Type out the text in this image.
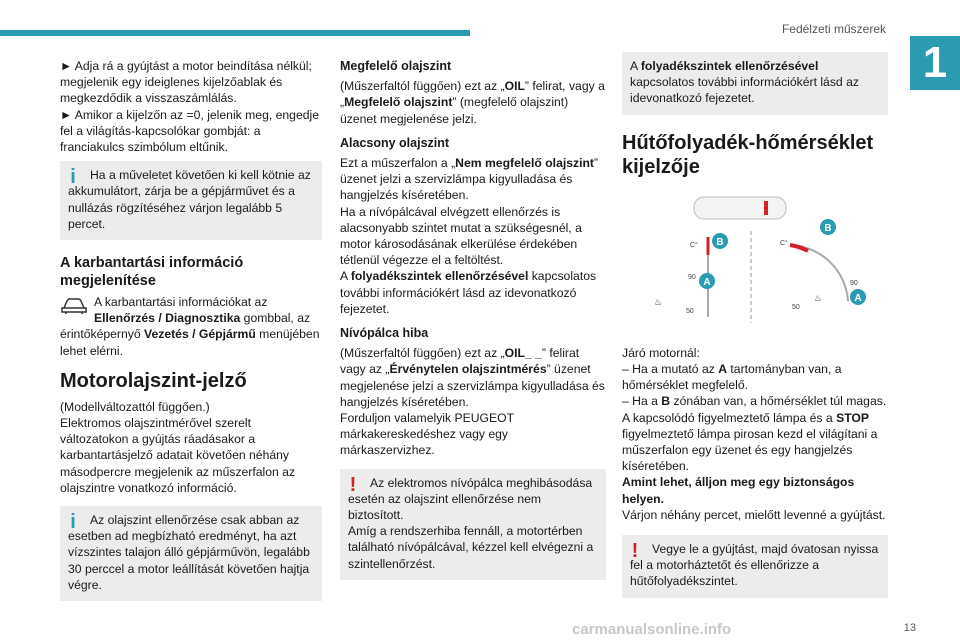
Fedélzeti műszerek
1
13
carmanualsonline.info

► Adja rá a gyújtást a motor beindítása nélkül; megjelenik egy ideiglenes kijelzőablak és megkezdődik a visszaszámlálás.

► Amikor a kijelzőn az =0, jelenik meg, engedje fel a világítás-kapcsolókar gombját: a franciakulcs szimbólum eltűnik.

i	Ha a műveletet követően ki kell kötnie az akkumulátort, zárja be a gépjárművet és a nullázás rögzítéséhez várjon legalább 5 percet.

A karbantartási információ megjelenítése

A karbantartási információkat az Ellenőrzés / Diagnosztika gombbal, az érintőképernyő Vezetés / Gépjármű menüjében lehet elérni.

Motorolajszint-jelző

(Modellváltozattól függően.)

Elektromos olajszintmérővel szerelt változatokon a gyújtás ráadásakor a karbantartásjelző adatait követően néhány másodpercre megjelenik az műszerfalon az olajszintre vonatkozó információ.

i	Az olajszint ellenőrzése csak abban az esetben ad megbízható eredményt, ha azt vízszintes talajon álló gépjárművön, legalább 30 perccel a motor leállítását követően hajtja végre.

Megfelelő olajszint

(Műszerfaltól függően) ezt az „OIL” felirat, vagy a „Megfelelő olajszint” (megfelelő olajszint) üzenet megjelenése jelzi.

Alacsony olajszint

Ezt a műszerfalon a „Nem megfelelő olajszint” üzenet jelzi a szervizlámpa kigyulladása és hangjelzés kíséretében.

Ha a nívópálcával elvégzett ellenőrzés is alacsonyabb szintet mutat a szükségesnél, a motor károsodásának elkerülése érdekében tétlenül végezze el a feltöltést.

A folyadékszintek ellenőrzésével kapcsolatos további információkért lásd az idevonatkozó fejezetet.

Nívópálca hiba

(Műszerfaltól függően) ezt az „OIL_ _” felirat vagy az „Érvénytelen olajszintmérés” üzenet megjelenése jelzi a szervizlámpa kigyulladása és hangjelzés kíséretében.

Forduljon valamelyik PEUGEOT márkakereskedéshez vagy egy márkaszervizhez.

!	Az elektromos nívópálca meghibásodása esetén az olajszint ellenőrzése nem biztosított.

Amíg a rendszerhiba fennáll, a motortérben található nívópálcával, kézzel kell elvégezni a szintellenőrzést.

A folyadékszintek ellenőrzésével kapcsolatos további információkért lásd az idevonatkozó fejezetet.

Hűtőfolyadék-hőmérséklet kijelzője
C°
90
50
♨
B
A
C°
90
50
♨
B
A

Járó motornál:

– Ha a mutató az A tartományban van, a hőmérséklet megfelelő.

– Ha a B zónában van, a hőmérséklet túl magas. A kapcsolódó figyelmeztető lámpa és a STOP figyelmeztető lámpa pirosan kezd el világítani a műszerfalon egy üzenet és egy hangjelzés kíséretében.

Amint lehet, álljon meg egy biztonságos helyen.

Várjon néhány percet, mielőtt levenné a gyújtást.

!	Vegye le a gyújtást, majd óvatosan nyissa fel a motorháztetőt és ellenőrizze a hűtőfolyadékszintet.
